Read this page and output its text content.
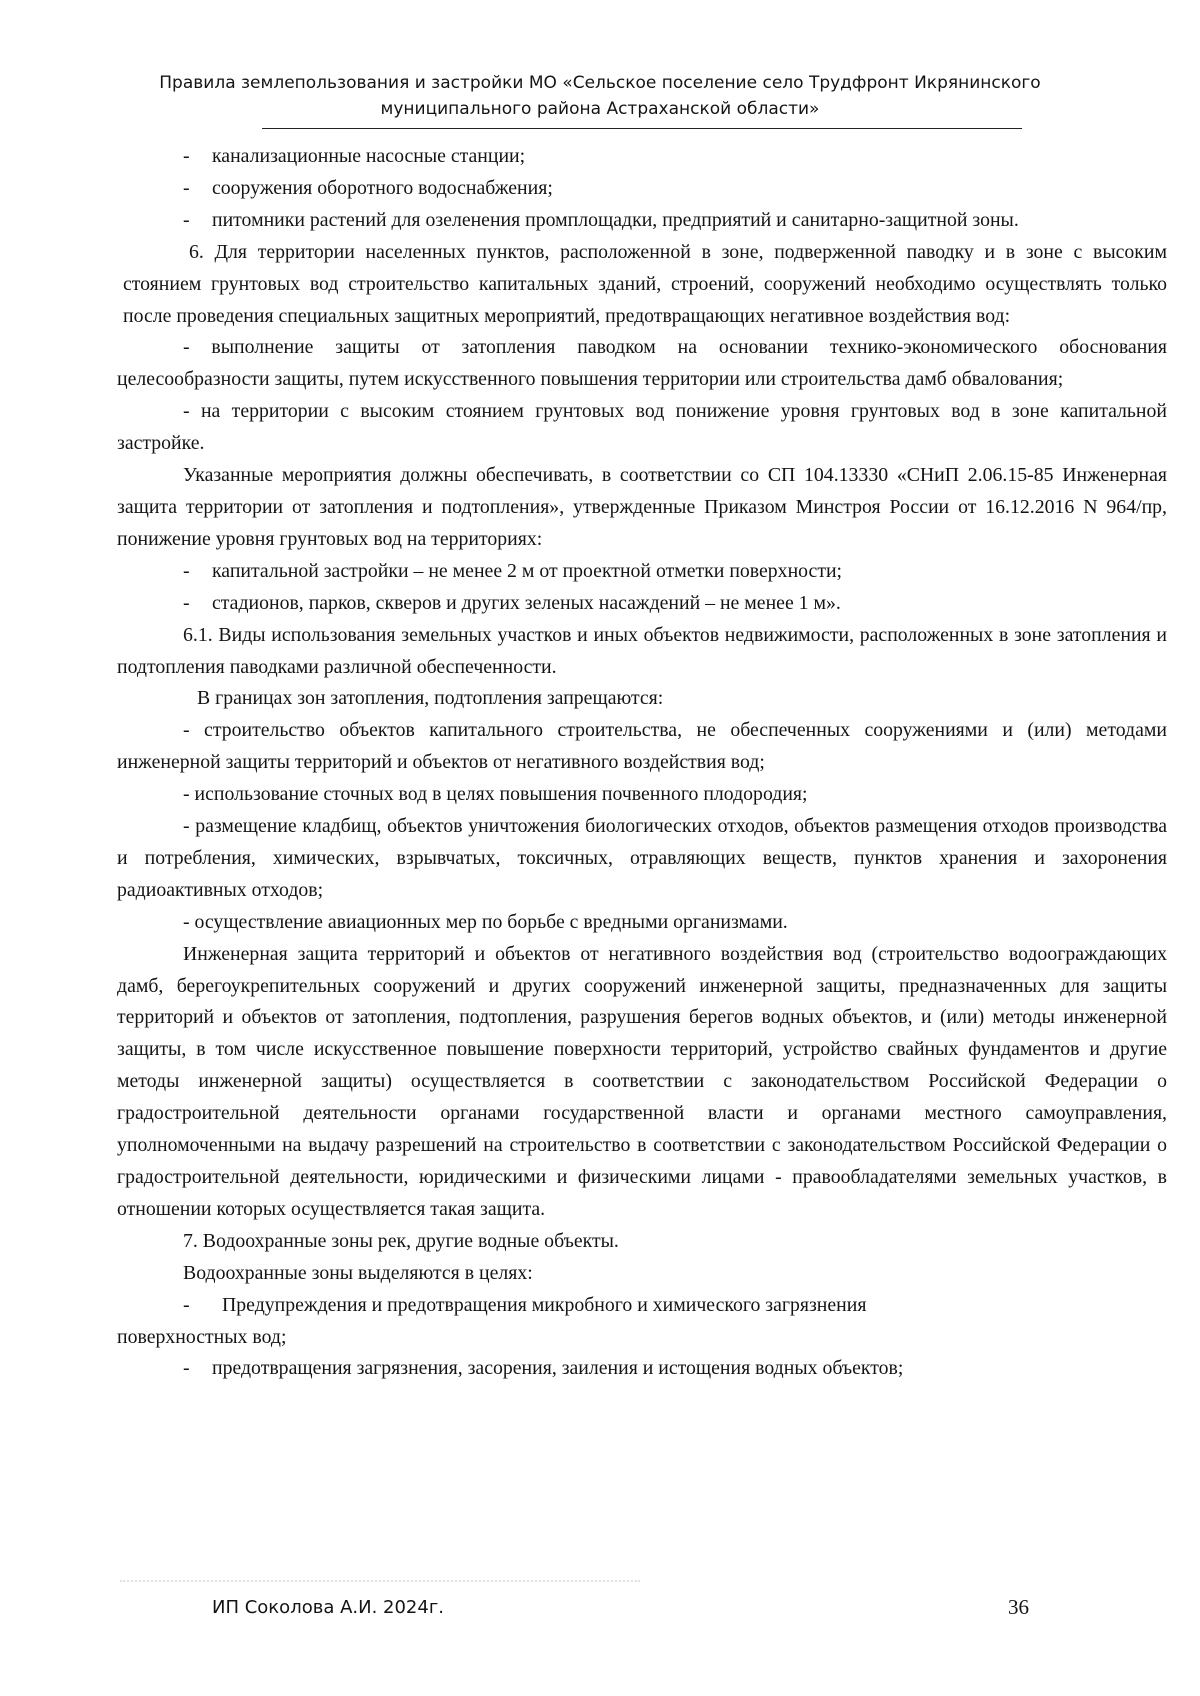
Правила землепользования и застройки МО «Сельское поселение село Трудфронт Икрянинского
муниципального района Астраханской области»
- канализационные насосные станции;
- сооружения оборотного водоснабжения;
- питомники растений для озеленения промплощадки, предприятий и санитарно-защитной зоны.

6. Для территории населенных пунктов, расположенной в зоне, подверженной паводку и в зоне с высоким стоянием грунтовых вод строительство капитальных зданий, строений, сооружений необходимо осуществлять только после проведения специальных защитных мероприятий, предотвращающих негативное воздействия вод:

- выполнение защиты от затопления паводком на основании технико-экономического обоснования целесообразности защиты, путем искусственного повышения территории или строительства дамб обвалования;

- на территории с высоким стоянием грунтовых вод понижение уровня грунтовых вод в зоне капитальной застройке.

Указанные мероприятия должны обеспечивать, в соответствии со СП 104.13330 «СНиП 2.06.15-85 Инженерная защита территории от затопления и подтопления», утвержденные Приказом Минстроя России от 16.12.2016 N 964/пр, понижение уровня грунтовых вод на территориях:

- капитальной застройки – не менее 2 м от проектной отметки поверхности;
- стадионов, парков, скверов и других зеленых насаждений – не менее 1 м».

6.1. Виды использования земельных участков и иных объектов недвижимости, расположенных в зоне затопления и подтопления паводками различной обеспеченности.

В границах зон затопления, подтопления запрещаются:

- строительство объектов капитального строительства, не обеспеченных сооружениями и (или) методами инженерной защиты территорий и объектов от негативного воздействия вод;

- использование сточных вод в целях повышения почвенного плодородия;

- размещение кладбищ, объектов уничтожения биологических отходов, объектов размещения отходов производства и потребления, химических, взрывчатых, токсичных, отравляющих веществ, пунктов хранения и захоронения радиоактивных отходов;

- осуществление авиационных мер по борьбе с вредными организмами.

Инженерная защита территорий и объектов от негативного воздействия вод (строительство водоограждающих дамб, берегоукрепительных сооружений и других сооружений инженерной защиты, предназначенных для защиты территорий и объектов от затопления, подтопления, разрушения берегов водных объектов, и (или) методы инженерной защиты, в том числе искусственное повышение поверхности территорий, устройство свайных фундаментов и другие методы инженерной защиты) осуществляется в соответствии с законодательством Российской Федерации о градостроительной деятельности органами государственной власти и органами местного самоуправления, уполномоченными на выдачу разрешений на строительство в соответствии с законодательством Российской Федерации о градостроительной деятельности, юридическими и физическими лицами - правообладателями земельных участков, в отношении которых осуществляется такая защита.

7. Водоохранные зоны рек, другие водные объекты.

Водоохранные зоны выделяются в целях:

- Предупреждения и предотвращения микробного и химического загрязнения

поверхностных вод;

- предотвращения загрязнения, засорения, заиления и истощения водных объектов;
ИП Соколова А.И. 2024г.	36
